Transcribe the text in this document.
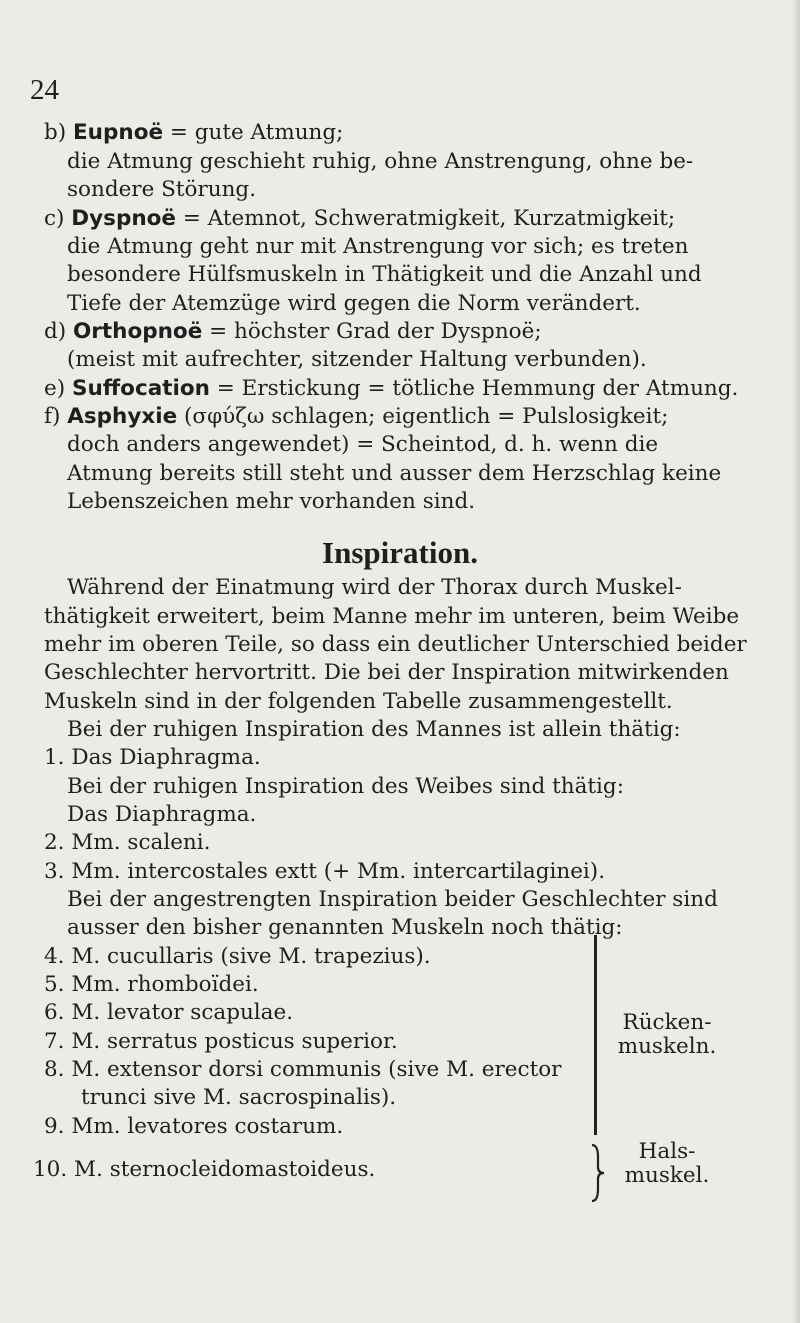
24
b) Eupnoë = gute Atmung;
die Atmung geschieht ruhig, ohne Anstrengung, ohne be-
sondere Störung.
c) Dyspnoë = Atemnot, Schweratmigkeit, Kurzatmigkeit;
die Atmung geht nur mit Anstrengung vor sich; es treten
besondere Hülfsmuskeln in Thätigkeit und die Anzahl und
Tiefe der Atemzüge wird gegen die Norm verändert.
d) Orthopnoë = höchster Grad der Dyspnoë;
(meist mit aufrechter, sitzender Haltung verbunden).
e) Suffocation = Erstickung = tötliche Hemmung der Atmung.
f) Asphyxie (σφύζω schlagen; eigentlich = Pulslosigkeit;
doch anders angewendet) = Scheintod, d. h. wenn die
Atmung bereits still steht und ausser dem Herzschlag keine
Lebenszeichen mehr vorhanden sind.
Inspiration.
Während der Einatmung wird der Thorax durch Muskel-
thätigkeit erweitert, beim Manne mehr im unteren, beim Weibe
mehr im oberen Teile, so dass ein deutlicher Unterschied beider
Geschlechter hervortritt. Die bei der Inspiration mitwirkenden
Muskeln sind in der folgenden Tabelle zusammengestellt.
Bei der ruhigen Inspiration des Mannes ist allein thätig:
1. Das Diaphragma.
Bei der ruhigen Inspiration des Weibes sind thätig:
Das Diaphragma.
2. Mm. scaleni.
3. Mm. intercostales extt (+ Mm. intercartilaginei).
Bei der angestrengten Inspiration beider Geschlechter sind
ausser den bisher genannten Muskeln noch thätig:
4. M. cucullaris (sive M. trapezius).
5. Mm. rhomboïdei.
6. M. levator scapulae.
7. M. serratus posticus superior.
8. M. extensor dorsi communis (sive M. erector
trunci sive M. sacrospinalis).
9. Mm. levatores costarum.
10. M. sternocleidomastoideus.
Rücken-
muskeln.
Hals-
muskel.
